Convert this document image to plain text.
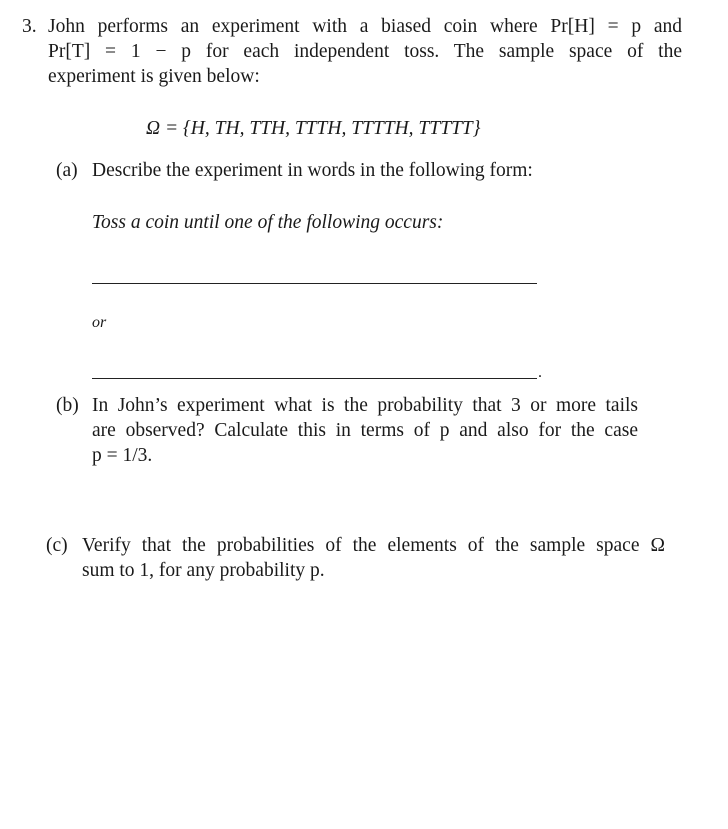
3. John performs an experiment with a biased coin where Pr[H] = p and
Pr[T] = 1 − p for each independent toss. The sample space of the
experiment is given below:
Ω = {H, TH, TTH, TTTH, TTTTH, TTTTT}
(a) Describe the experiment in words in the following form:
Toss a coin until one of the following occurs:
or
.
(b) In John’s experiment what is the probability that 3 or more tails
are observed? Calculate this in terms of p and also for the case
p = 1/3.
(c) Verify that the probabilities of the elements of the sample space Ω
sum to 1, for any probability p.
